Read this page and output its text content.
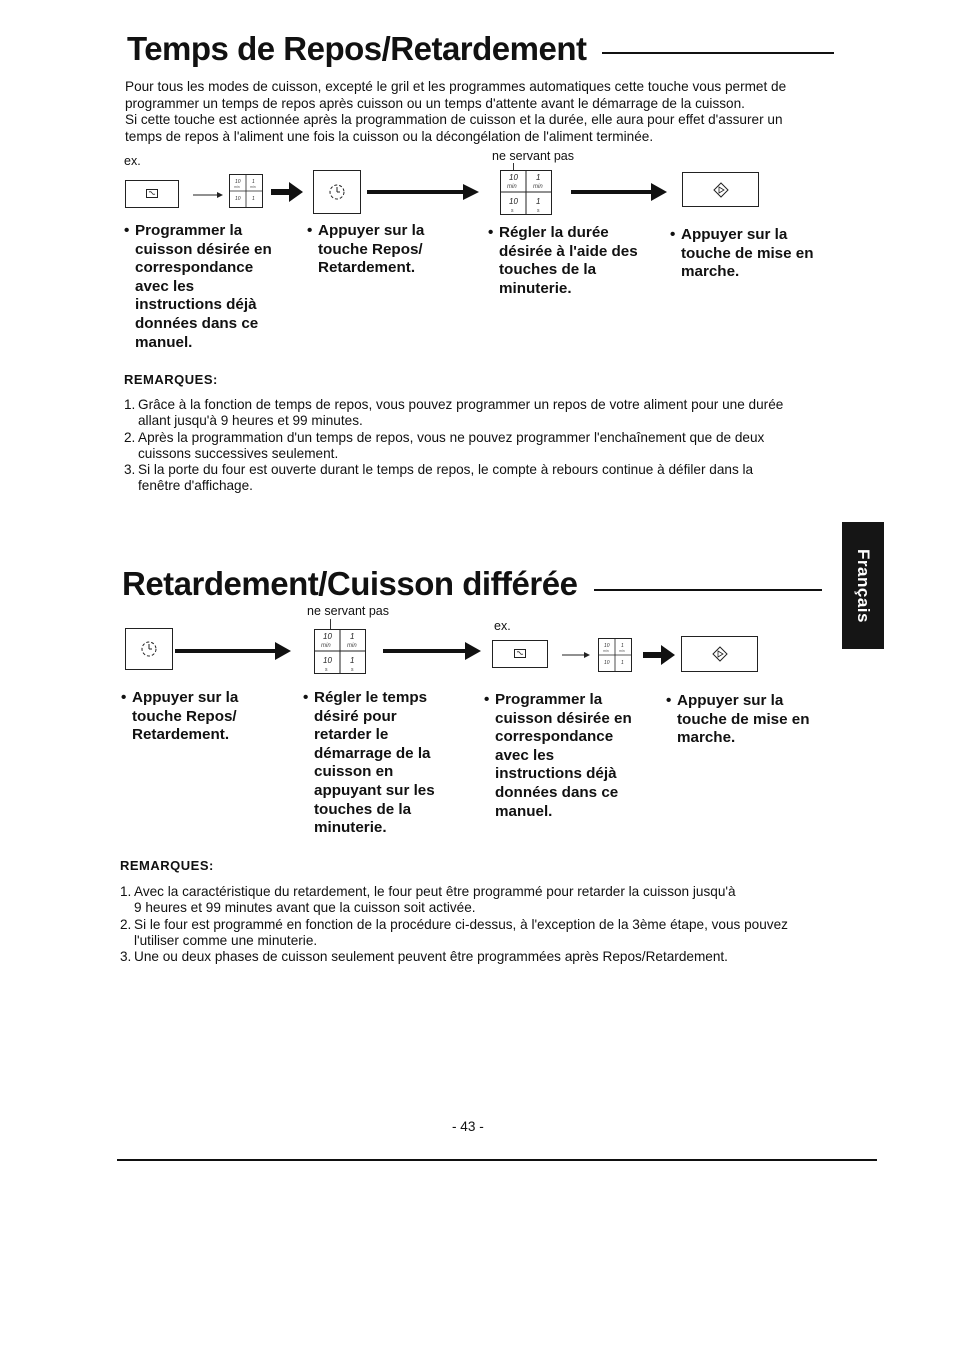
Temps de Repos/Retardement
Pour tous les modes de cuisson, excepté le gril et les programmes automatiques cette touche vous permet de
programmer un temps de repos après cuisson ou un temps d'attente avant le démarrage de la cuisson.
Si cette touche est actionnée après la programmation de cuisson et la durée, elle aura pour effet d'assurer un
temps de repos à l'aliment une fois la cuisson ou la décongélation de l'aliment terminée.
ex.	ne servant pas
10 1
min	min
10 1
10 1
min	min
10 1
s	s
• Programmer la
cuisson désirée en
correspondance
avec les
instructions déjà
données dans ce
manuel.
• Appuyer sur la
touche Repos/
Retardement.
• Régler la durée
désirée à l'aide des
touches de la
minuterie.
• Appuyer sur la
touche de mise en
marche.
REMARQUES:
1. Grâce à la fonction de temps de repos, vous pouvez programmer un repos de votre aliment pour une durée
allant jusqu'à 9 heures et 99 minutes.
2. Après la programmation d'un temps de repos, vous ne pouvez programmer l'enchaînement que de deux
cuissons successives seulement.
3. Si la porte du four est ouverte durant le temps de repos, le compte à rebours continue à défiler dans la
fenêtre d'affichage.
Français
Retardement/Cuisson différée
ne servant pas
ex.
10 1
min	min
10 1
s	s
10 1
min	min
10 1
• Appuyer sur la
touche Repos/
Retardement.
• Régler le temps
désiré pour
retarder le
démarrage de la
cuisson en
appuyant sur les
touches de la
minuterie.
• Programmer la
cuisson désirée en
correspondance
avec les
instructions déjà
données dans ce
manuel.
• Appuyer sur la
touche de mise en
marche.
REMARQUES:
1. Avec la caractéristique du retardement, le four peut être programmé pour retarder la cuisson jusqu'à
9 heures et 99 minutes avant que la cuisson soit activée.
2. Si le four est programmé en fonction de la procédure ci-dessus, à l'exception de la 3ème étape, vous pouvez
l'utiliser comme une minuterie.
3. Une ou deux phases de cuisson seulement peuvent être programmées après Repos/Retardement.
- 43 -
